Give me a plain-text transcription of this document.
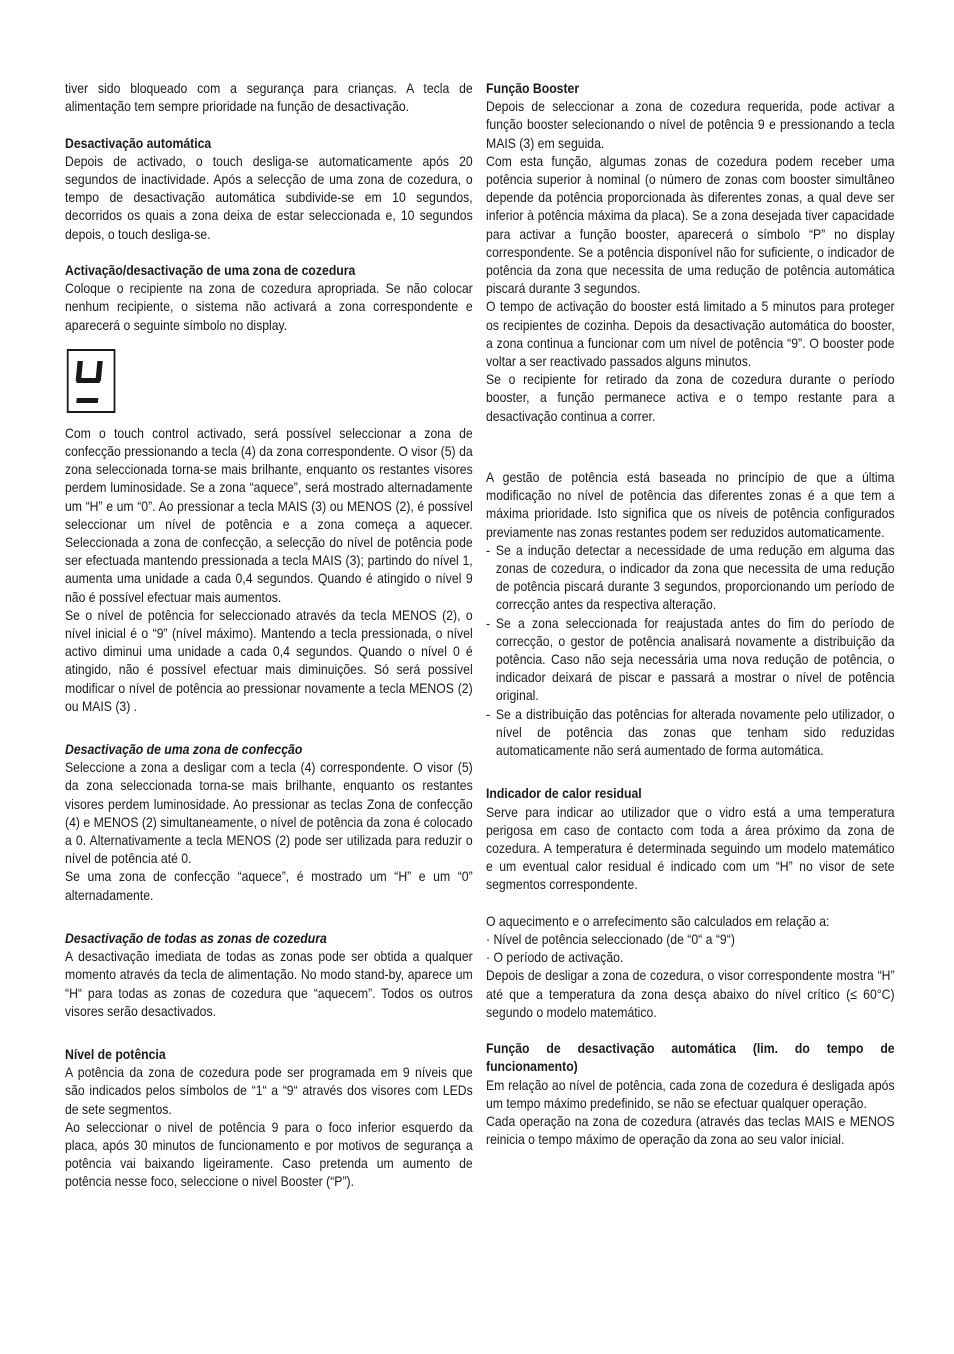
tiver sido bloqueado com a segurança para crianças. A tecla de alimentação tem sempre prioridade na função de desactivação.

Desactivação automática

Depois de activado, o touch desliga-se automaticamente após 20 segundos de inactividade. Após a selecção de uma zona de cozedura, o tempo de desactivação automática subdivide-se em 10 segundos, decorridos os quais a zona deixa de estar seleccionada e, 10 segundos depois, o touch desliga-se.

Activação/desactivação de uma zona de cozedura

Coloque o recipiente na zona de cozedura apropriada. Se não colocar nenhum recipiente, o sistema não activará a zona correspondente e aparecerá o seguinte símbolo no display.

Com o touch control activado, será possível seleccionar a zona de confecção pressionando a tecla (4) da zona correspondente. O visor (5) da zona seleccionada torna-se mais brilhante, enquanto os restantes visores perdem luminosidade. Se a zona “aquece”, será mostrado alternadamente um “H” e um “0”. Ao pressionar a tecla MAIS (3) ou MENOS (2), é possível seleccionar um nível de potência e a zona começa a aquecer. Seleccionada a zona de confecção, a selecção do nível de potência pode ser efectuada mantendo pressionada a tecla MAIS (3); partindo do nível 1, aumenta uma unidade a cada 0,4 segundos. Quando é atingido o nível 9 não é possível efectuar mais aumentos.

Se o nível de potência for seleccionado através da tecla MENOS (2), o nível inicial é o “9” (nível máximo). Mantendo a tecla pressionada, o nível activo diminui uma unidade a cada 0,4 segundos. Quando o nível 0 é atingido, não é possível efectuar mais diminuições. Só será possível modificar o nível de potência ao pressionar novamente a tecla MENOS (2) ou MAIS (3) .

Desactivação de uma zona de confecção

Seleccione a zona a desligar com a tecla (4) correspondente. O visor (5) da zona seleccionada torna-se mais brilhante, enquanto os restantes visores perdem luminosidade. Ao pressionar as teclas Zona de confecção (4) e MENOS (2) simultaneamente, o nível de potência da zona é colocado a 0. Alternativamente a tecla MENOS (2) pode ser utilizada para reduzir o nível de potência até 0.

Se uma zona de confecção “aquece”, é mostrado um “H” e um “0” alternadamente.

Desactivação de todas as zonas de cozedura

A desactivação imediata de todas as zonas pode ser obtida a qualquer momento através da tecla de alimentação. No modo stand-by, aparece um “H“ para todas as zonas de cozedura que “aquecem”. Todos os outros visores serão desactivados.

Nível de potência

A potência da zona de cozedura pode ser programada em 9 níveis que são indicados pelos símbolos de “1“ a “9“ através dos visores com LEDs de sete segmentos.

Ao seleccionar o nivel de potência 9 para o foco inferior esquerdo da placa, após 30 minutos de funcionamento e por motivos de segurança a potência vai baixando ligeiramente. Caso pretenda um aumento de potência nesse foco, seleccione o nivel Booster (“P”).

Função Booster

Depois de seleccionar a zona de cozedura requerida, pode activar a função booster selecionando o nível de potência 9 e pressionando a tecla MAIS (3) em seguida.

Com esta função, algumas zonas de cozedura podem receber uma potência superior à nominal (o número de zonas com booster simultâneo depende da potência proporcionada às diferentes zonas, a qual deve ser inferior à potência máxima da placa). Se a zona desejada tiver capacidade para activar a função booster, aparecerá o símbolo “P” no display correspondente. Se a potência disponível não for suficiente, o indicador de potência da zona que necessita de uma redução de potência automática piscará durante 3 segundos.

O tempo de activação do booster está limitado a 5 minutos para proteger os recipientes de cozinha. Depois da desactivação automática do booster, a zona continua a funcionar com um nível de potência “9”. O booster pode voltar a ser reactivado passados alguns minutos.

Se o recipiente for retirado da zona de cozedura durante o período booster, a função permanece activa e o tempo restante para a desactivação continua a correr.

A gestão de potência está baseada no princípio de que a última modificação no nível de potência das diferentes zonas é a que tem a máxima prioridade. Isto significa que os níveis de potência configurados previamente nas zonas restantes podem ser reduzidos automaticamente.

- Se a indução detectar a necessidade de uma redução em alguma das zonas de cozedura, o indicador da zona que necessita de uma redução de potência piscará durante 3 segundos, proporcionando um período de correcção antes da respectiva alteração.
- Se a zona seleccionada for reajustada antes do fim do período de correcção, o gestor de potência analisará novamente a distribuição da potência. Caso não seja necessária uma nova redução de potência, o indicador deixará de piscar e passará a mostrar o nível de potência original.
- Se a distribuição das potências for alterada novamente pelo utilizador, o nível de potência das zonas que tenham sido reduzidas automaticamente não será aumentado de forma automática.

Indicador de calor residual

Serve para indicar ao utilizador que o vidro está a uma temperatura perigosa em caso de contacto com toda a área próximo da zona de cozedura. A temperatura é determinada seguindo um modelo matemático e um eventual calor residual é indicado com um “H” no visor de sete segmentos correspondente.

O aquecimento e o arrefecimento são calculados em relação a:

· Nível de potência seleccionado (de “0“ a “9“)

· O período de activação.

Depois de desligar a zona de cozedura, o visor correspondente mostra “H” até que a temperatura da zona desça abaixo do nível crítico (≤ 60°C) segundo o modelo matemático.

Função de desactivação automática (lim. do tempo de funcionamento)

Em relação ao nível de potência, cada zona de cozedura é desligada após um tempo máximo predefinido, se não se efectuar qualquer operação.

Cada operação na zona de cozedura (através das teclas MAIS e MENOS reinicia o tempo máximo de operação da zona ao seu valor inicial.
